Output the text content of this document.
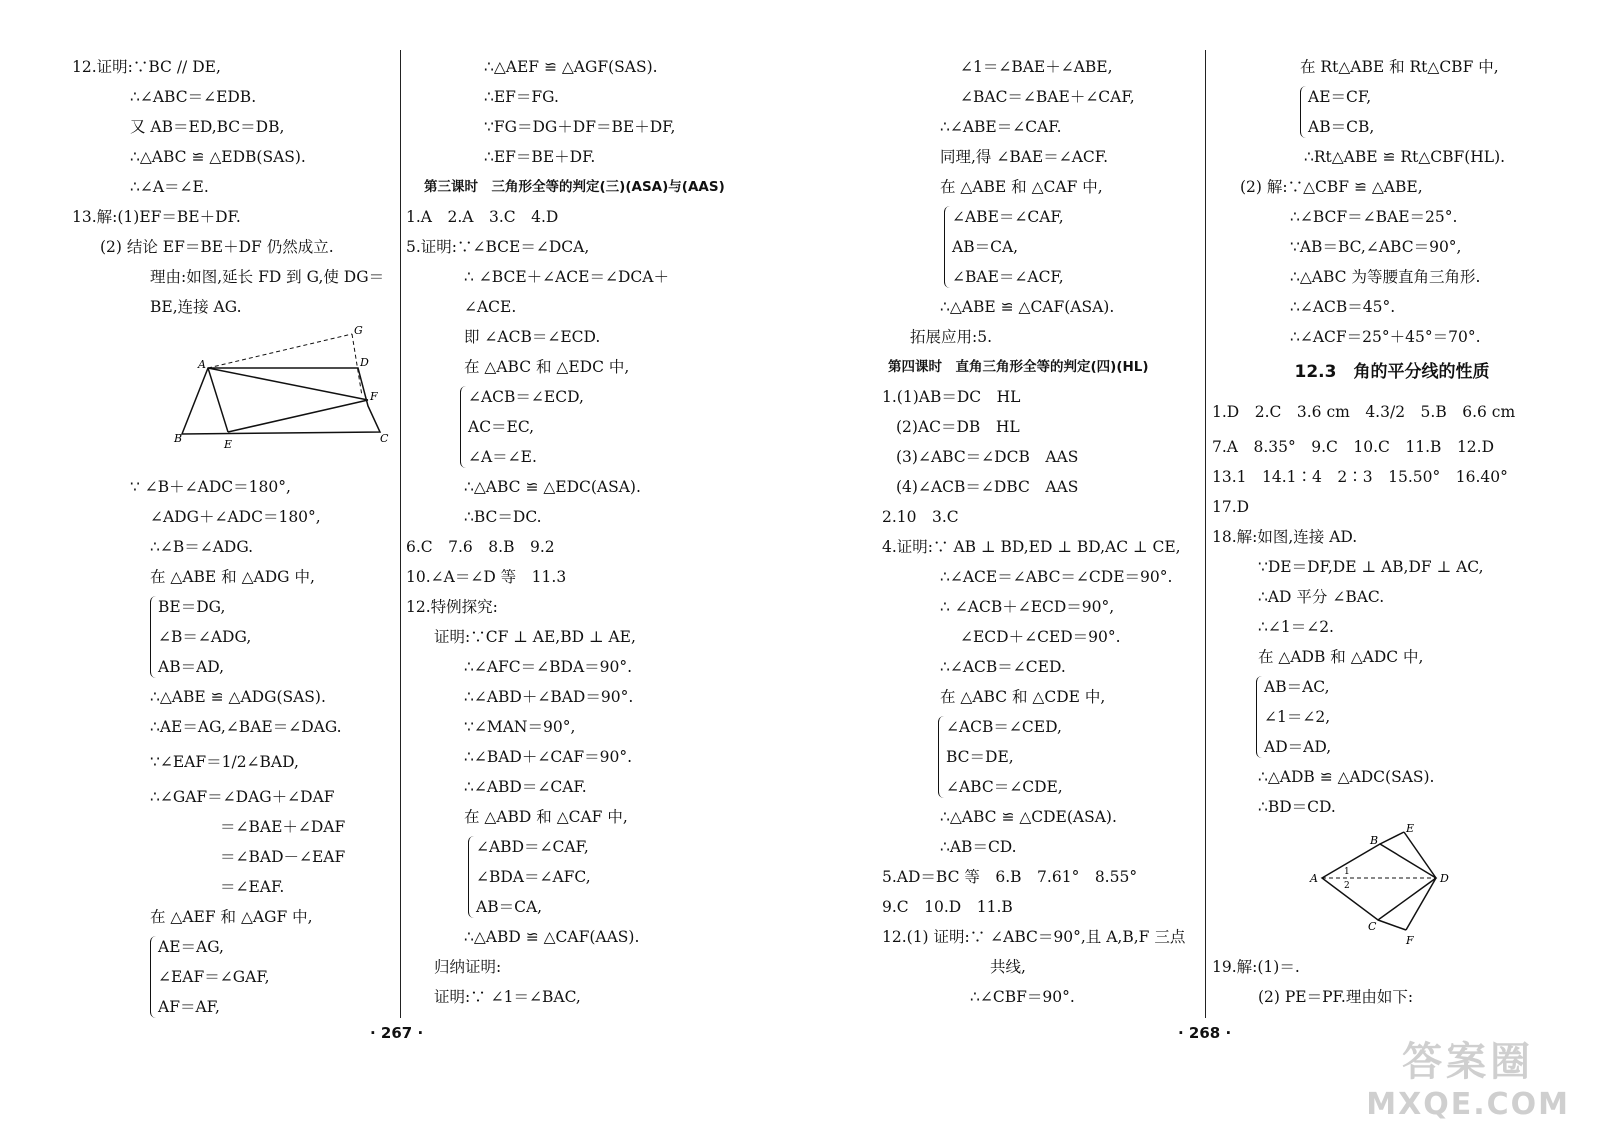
12.证明:∵BC // DE,
∴∠ABC＝∠EDB.
又 AB＝ED,BC＝DB,
∴△ABC ≌ △EDB(SAS).
∴∠A＝∠E.
13.解:(1)EF＝BE＋DF.
(2) 结论 EF＝BE＋DF 仍然成立.
理由:如图,延长 FD 到 G,使 DG＝
BE,连接 AG.
G
A	D
F
B	E	C
∵ ∠B＋∠ADC＝180°,
∠ADG＋∠ADC＝180°,
∴∠B＝∠ADG.
在 △ABE 和 △ADG 中,
BE＝DG,
∠B＝∠ADG,
AB＝AD,
∴△ABE ≌ △ADG(SAS).
∴AE＝AG,∠BAE＝∠DAG.
∵∠EAF＝1/2∠BAD,
∴∠GAF＝∠DAG＋∠DAF
＝∠BAE＋∠DAF
＝∠BAD－∠EAF
＝∠EAF.
在 △AEF 和 △AGF 中,
AE＝AG,
∠EAF＝∠GAF,
AF＝AF,
∴△AEF ≌ △AGF(SAS).
∴EF＝FG.
∵FG＝DG＋DF＝BE＋DF,
∴EF＝BE＋DF.
第三课时　三角形全等的判定(三)(ASA)与(AAS)
1.A　2.A　3.C　4.D
5.证明:∵∠BCE＝∠DCA,
∴ ∠BCE＋∠ACE＝∠DCA＋
∠ACE.
即 ∠ACB＝∠ECD.
在 △ABC 和 △EDC 中,
∠ACB＝∠ECD,
AC＝EC,
∠A＝∠E.
∴△ABC ≌ △EDC(ASA).
∴BC＝DC.
6.C　7.6　8.B　9.2
10.∠A＝∠D 等　11.3
12.特例探究:
证明:∵CF ⊥ AE,BD ⊥ AE,
∴∠AFC＝∠BDA＝90°.
∴∠ABD＋∠BAD＝90°.
∵∠MAN＝90°,
∴∠BAD＋∠CAF＝90°.
∴∠ABD＝∠CAF.
在 △ABD 和 △CAF 中,
∠ABD＝∠CAF,
∠BDA＝∠AFC,
AB＝CA,
∴△ABD ≌ △CAF(AAS).
归纳证明:
证明:∵ ∠1＝∠BAC,
∠1＝∠BAE＋∠ABE,
∠BAC＝∠BAE＋∠CAF,
∴∠ABE＝∠CAF.
同理,得 ∠BAE＝∠ACF.
在 △ABE 和 △CAF 中,
∠ABE＝∠CAF,
AB＝CA,
∠BAE＝∠ACF,
∴△ABE ≌ △CAF(ASA).
拓展应用:5.
第四课时　直角三角形全等的判定(四)(HL)
1.(1)AB＝DC　HL
(2)AC＝DB　HL
(3)∠ABC＝∠DCB　AAS
(4)∠ACB＝∠DBC　AAS
2.10　3.C
4.证明:∵ AB ⊥ BD,ED ⊥ BD,AC ⊥ CE,
∴∠ACE＝∠ABC＝∠CDE＝90°.
∴ ∠ACB＋∠ECD＝90°,
∠ECD＋∠CED＝90°.
∴∠ACB＝∠CED.
在 △ABC 和 △CDE 中,
∠ACB＝∠CED,
BC＝DE,
∠ABC＝∠CDE,
∴△ABC ≌ △CDE(ASA).
∴AB＝CD.
5.AD＝BC 等　6.B　7.61°　8.55°
9.C　10.D　11.B
12.(1) 证明:∵ ∠ABC＝90°,且 A,B,F 三点
共线,
∴∠CBF＝90°.
在 Rt△ABE 和 Rt△CBF 中,
AE＝CF,
AB＝CB,
∴Rt△ABE ≌ Rt△CBF(HL).
(2) 解:∵△CBF ≌ △ABE,
∴∠BCF＝∠BAE＝25°.
∵AB＝BC,∠ABC＝90°,
∴△ABC 为等腰直角三角形.
∴∠ACB＝45°.
∴∠ACF＝25°＋45°＝70°.
12.3　角的平分线的性质
1.D　2.C　3.6 cm　4.3/2　5.B　6.6 cm
7.A　8.35°　9.C　10.C　11.B　12.D
13.1　14.1∶4　2∶3　15.50°　16.40°
17.D
18.解:如图,连接 AD.
∵DE＝DF,DE ⊥ AB,DF ⊥ AC,
∴AD 平分 ∠BAC.
∴∠1＝∠2.
在 △ADB 和 △ADC 中,
AB＝AC,
∠1＝∠2,
AD＝AD,
∴△ADB ≌ △ADC(SAS).
∴BD＝CD.
E
B
A	1
2
D
C
F
19.解:(1)＝.
(2) PE＝PF.理由如下:
· 267 ·	· 268 ·
答案圈
MXQE.COM
